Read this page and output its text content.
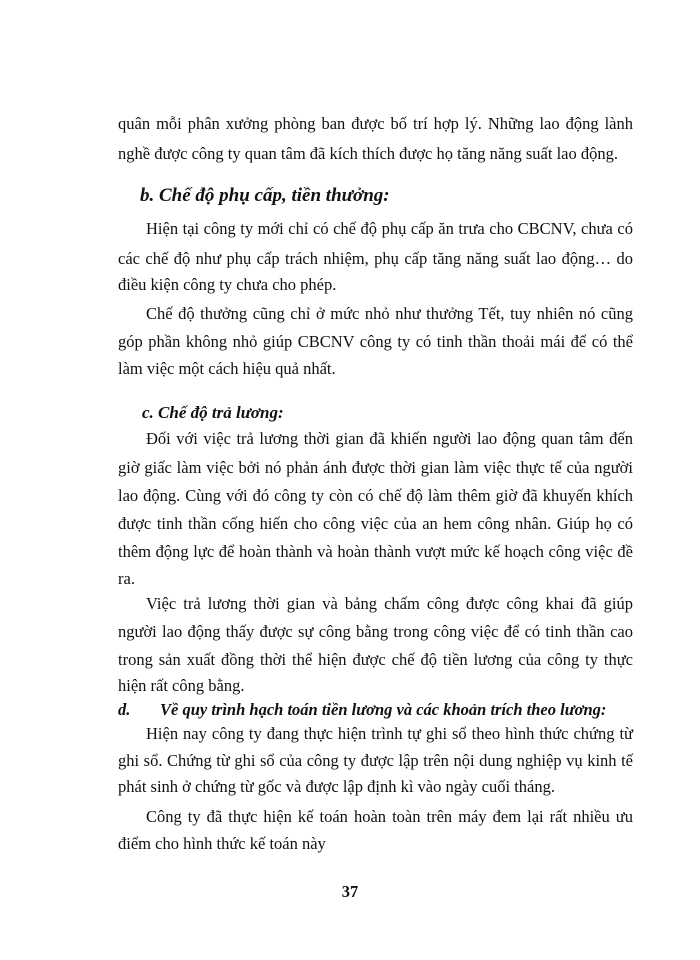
quân mỗi phân xưởng phòng ban được bố trí hợp lý. Những lao động lành
nghề được công ty quan tâm đã kích thích được họ tăng năng suất lao động.
b. Chế độ phụ cấp, tiền thưởng:
Hiện tại công ty mới chỉ có chế độ phụ cấp ăn trưa cho CBCNV, chưa có
các chế độ như phụ cấp trách nhiệm, phụ cấp tăng năng suất lao động… do
điều kiện công ty chưa cho phép.
Chế độ thưởng cũng chỉ ở mức nhỏ như thưởng Tết, tuy nhiên nó cũng
góp phần không nhỏ giúp CBCNV công ty có tinh thần thoải mái để có thể
làm việc một cách hiệu quả nhất.
c. Chế độ trả lương:
Đối với việc trả lương thời gian đã khiến người lao động quan tâm đến
giờ giấc làm việc bởi nó phản ánh được thời gian làm việc thực tế của người
lao động. Cùng với đó công ty còn có chế độ làm thêm giờ đã khuyến khích
được tinh thần cống hiến cho công việc của an hem công nhân. Giúp họ có
thêm động lực để hoàn thành và hoàn thành vượt mức kế hoạch công việc đề
ra.
Việc trả lương thời gian và bảng chấm công được công khai đã giúp
người lao động thấy được sự công bằng trong công việc để có tinh thần cao
trong sản xuất đồng thời thể hiện được chế độ tiền lương của công ty thực
hiện rất công bằng.
d. Về quy trình hạch toán tiền lương và các khoản trích theo lương:
Hiện nay công ty đang thực hiện trình tự ghi sổ theo hình thức chứng từ
ghi sổ. Chứng từ ghi sổ của công ty được lập trên nội dung nghiệp vụ kinh tế
phát sinh ở chứng từ gốc và được lập định kì vào ngày cuối tháng.
Công ty đã thực hiện kế toán hoàn toàn trên máy đem lại rất nhiều ưu
điểm cho hình thức kế toán này
37
